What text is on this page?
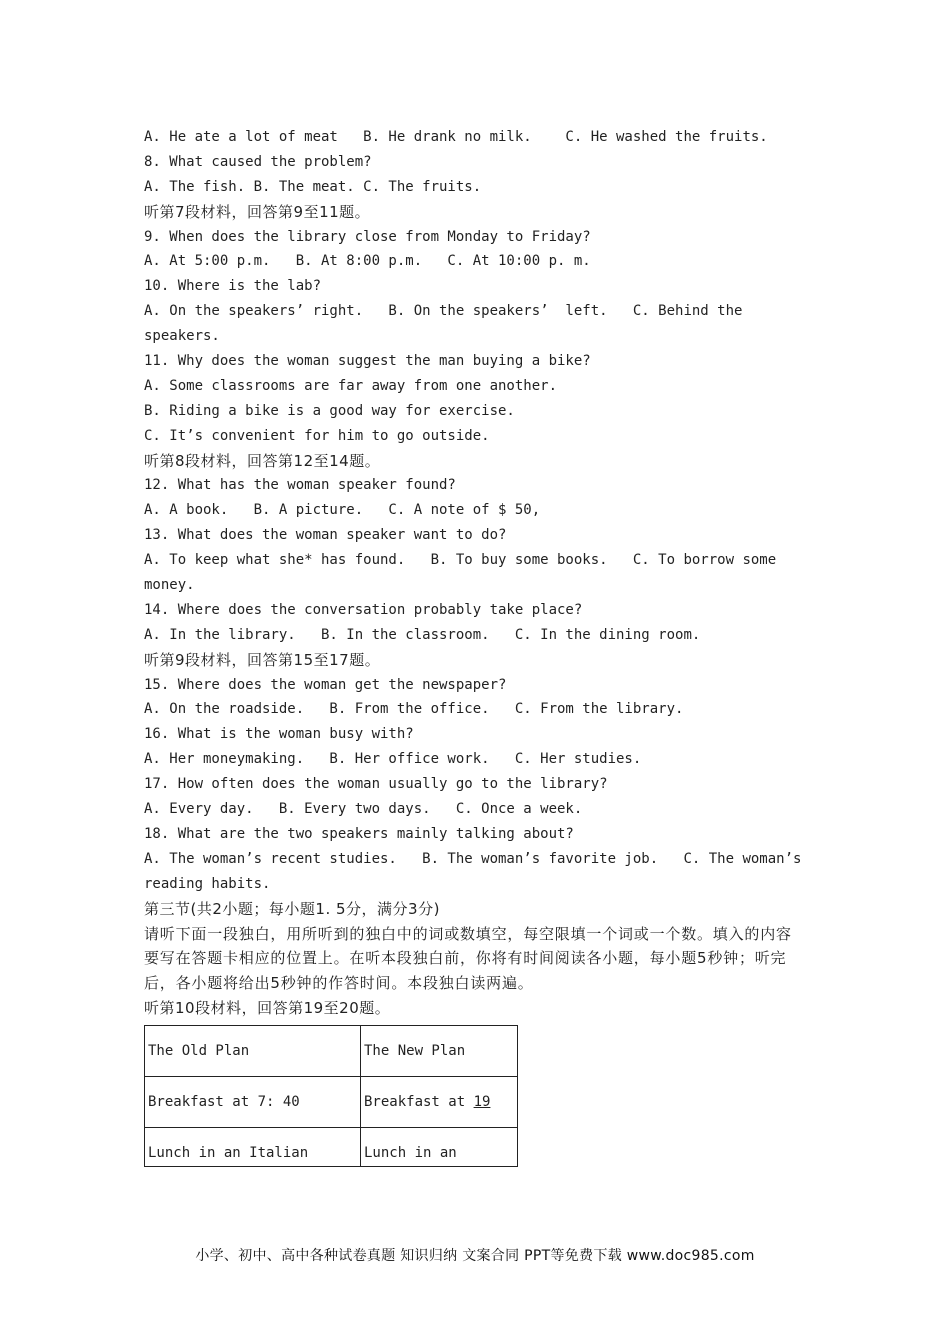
A. He ate a lot of meat   B. He drank no milk.    C. He washed the fruits.
8. What caused the problem?
A. The fish. B. The meat. C. The fruits.
听第7段材料，回答第9至11题。
9. When does the library close from Monday to Friday?
A. At 5:00 p.m.   B. At 8:00 p.m.   C. At 10:00 p. m.
10. Where is the lab?
A. On the speakers’ right.   B. On the speakers’  left.   C. Behind the
speakers.
11. Why does the woman suggest the man buying a bike?
A. Some classrooms are far away from one another.
B. Riding a bike is a good way for exercise.
C. It’s convenient for him to go outside.
听第8段材料，回答第12至14题。
12. What has the woman speaker found?
A. A book.   B. A picture.   C. A note of $ 50,
13. What does the woman speaker want to do?
A. To keep what she* has found.   B. To buy some books.   C. To borrow some
money.
14. Where does the conversation probably take place?
A. In the library.   B. In the classroom.   C. In the dining room.
听第9段材料，回答第15至17题。
15. Where does the woman get the newspaper?
A. On the roadside.   B. From the office.   C. From the library.
16. What is the woman busy with?
A. Her moneymaking.   B. Her office work.   C. Her studies.
17. How often does the woman usually go to the library?
A. Every day.   B. Every two days.   C. Once a week.
18. What are the two speakers mainly talking about?
A. The woman’s recent studies.   B. The woman’s favorite job.   C. The woman’s
reading habits.
第三节(共2小题；每小题1. 5分，满分3分)
请听下面一段独白，用所听到的独白中的词或数填空，每空限填一个词或一个数。填入的内容要写在答题卡相应的位置上。在听本段独白前，你将有时间阅读各小题，每小题5秒钟；听完后，各小题将给出5秒钟的作答时间。本段独白读两遍。
听第10段材料，回答第19至20题。
The Old Plan	The New Plan
Breakfast at 7: 40	Breakfast at 19
Lunch in an Italian	Lunch in an
小学、初中、高中各种试卷真题 知识归纳 文案合同 PPT等免费下载 www.doc985.com
